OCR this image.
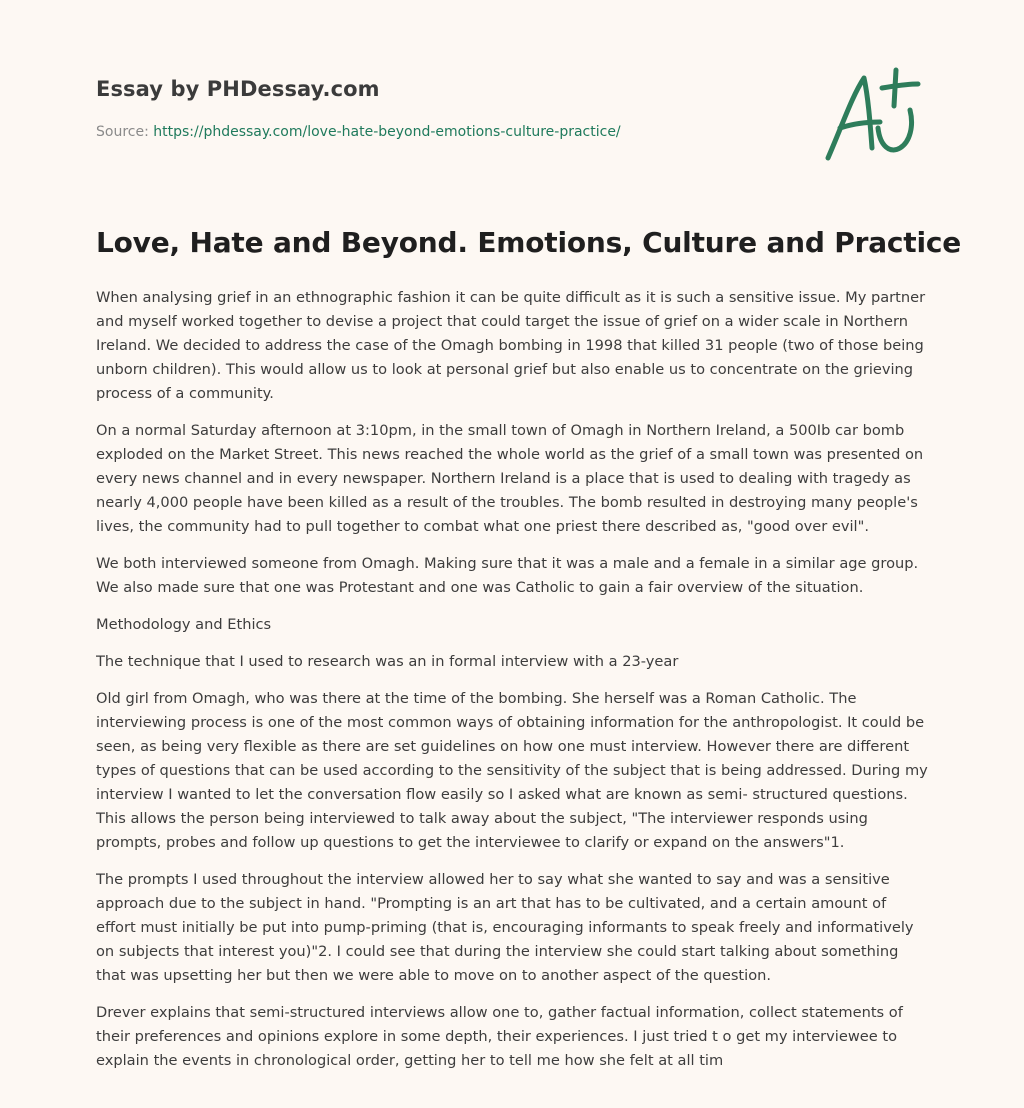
Essay by PHDessay.com
Source: https://phdessay.com/love-hate-beyond-emotions-culture-practice/
Love, Hate and Beyond. Emotions, Culture and Practice

When analysing grief in an ethnographic fashion it can be quite difficult as it is such a sensitive issue. My partner and myself worked together to devise a project that could target the issue of grief on a wider scale in Northern Ireland. We decided to address the case of the Omagh bombing in 1998 that killed 31 people (two of those being unborn children). This would allow us to look at personal grief but also enable us to concentrate on the grieving process of a community.

On a normal Saturday afternoon at 3:10pm, in the small town of Omagh in Northern Ireland, a 500Ib car bomb exploded on the Market Street. This news reached the whole world as the grief of a small town was presented on every news channel and in every newspaper. Northern Ireland is a place that is used to dealing with tragedy as nearly 4,000 people have been killed as a result of the troubles. The bomb resulted in destroying many people's lives, the community had to pull together to combat what one priest there described as, "good over evil".

We both interviewed someone from Omagh. Making sure that it was a male and a female in a similar age group. We also made sure that one was Protestant and one was Catholic to gain a fair overview of the situation.

Methodology and Ethics

The technique that I used to research was an in formal interview with a 23-year

Old girl from Omagh, who was there at the time of the bombing. She herself was a Roman Catholic. The interviewing process is one of the most common ways of obtaining information for the anthropologist. It could be seen, as being very flexible as there are set guidelines on how one must interview. However there are different types of questions that can be used according to the sensitivity of the subject that is being addressed. During my interview I wanted to let the conversation flow easily so I asked what are known as semi- structured questions. This allows the person being interviewed to talk away about the subject, "The interviewer responds using prompts, probes and follow up questions to get the interviewee to clarify or expand on the answers"1.

The prompts I used throughout the interview allowed her to say what she wanted to say and was a sensitive approach due to the subject in hand. "Prompting is an art that has to be cultivated, and a certain amount of effort must initially be put into pump-priming (that is, encouraging informants to speak freely and informatively on subjects that interest you)"2. I could see that during the interview she could start talking about something that was upsetting her but then we were able to move on to another aspect of the question.

Drever explains that semi-structured interviews allow one to, gather factual information, collect statements of their preferences and opinions explore in some depth, their experiences. I just tried t o get my interviewee to explain the events in chronological order, getting her to tell me how she felt at all tim
